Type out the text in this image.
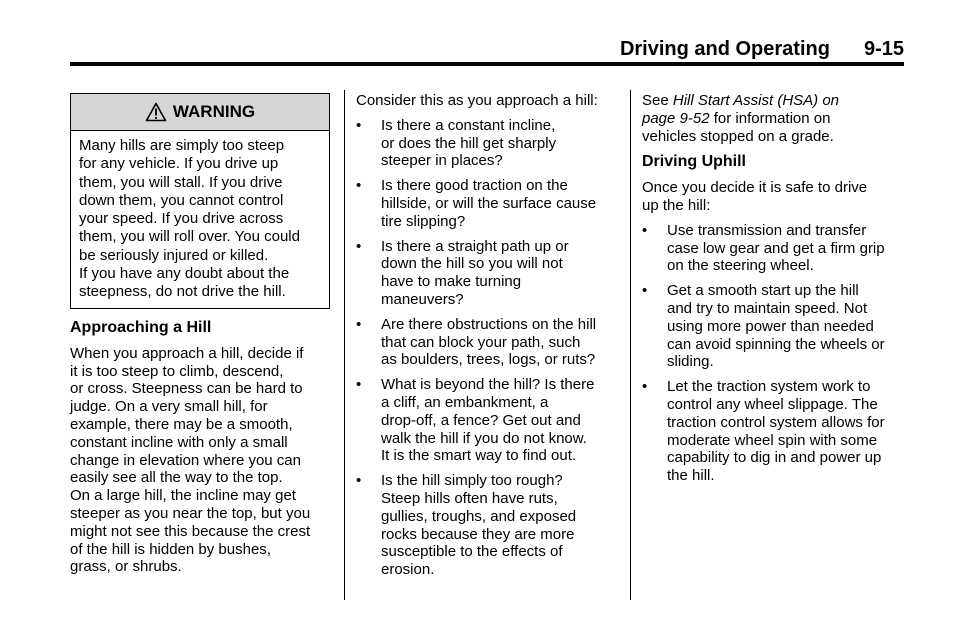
Driving and Operating 9-15
WARNING
Many hills are simply too steep
for any vehicle. If you drive up
them, you will stall. If you drive
down them, you cannot control
your speed. If you drive across
them, you will roll over. You could
be seriously injured or killed.
If you have any doubt about the
steepness, do not drive the hill.
Approaching a Hill
When you approach a hill, decide if
it is too steep to climb, descend,
or cross. Steepness can be hard to
judge. On a very small hill, for
example, there may be a smooth,
constant incline with only a small
change in elevation where you can
easily see all the way to the top.
On a large hill, the incline may get
steeper as you near the top, but you
might not see this because the crest
of the hill is hidden by bushes,
grass, or shrubs.
Consider this as you approach a hill:
• Is there a constant incline,
or does the hill get sharply
steeper in places?
• Is there good traction on the
hillside, or will the surface cause
tire slipping?
• Is there a straight path up or
down the hill so you will not
have to make turning
maneuvers?
• Are there obstructions on the hill
that can block your path, such
as boulders, trees, logs, or ruts?
• What is beyond the hill? Is there
a cliff, an embankment, a
drop-off, a fence? Get out and
walk the hill if you do not know.
It is the smart way to find out.
• Is the hill simply too rough?
Steep hills often have ruts,
gullies, troughs, and exposed
rocks because they are more
susceptible to the effects of
erosion.
See Hill Start Assist (HSA) on
page 9-52 for information on
vehicles stopped on a grade.
Driving Uphill
Once you decide it is safe to drive
up the hill:
• Use transmission and transfer
case low gear and get a firm grip
on the steering wheel.
• Get a smooth start up the hill
and try to maintain speed. Not
using more power than needed
can avoid spinning the wheels or
sliding.
• Let the traction system work to
control any wheel slippage. The
traction control system allows for
moderate wheel spin with some
capability to dig in and power up
the hill.
